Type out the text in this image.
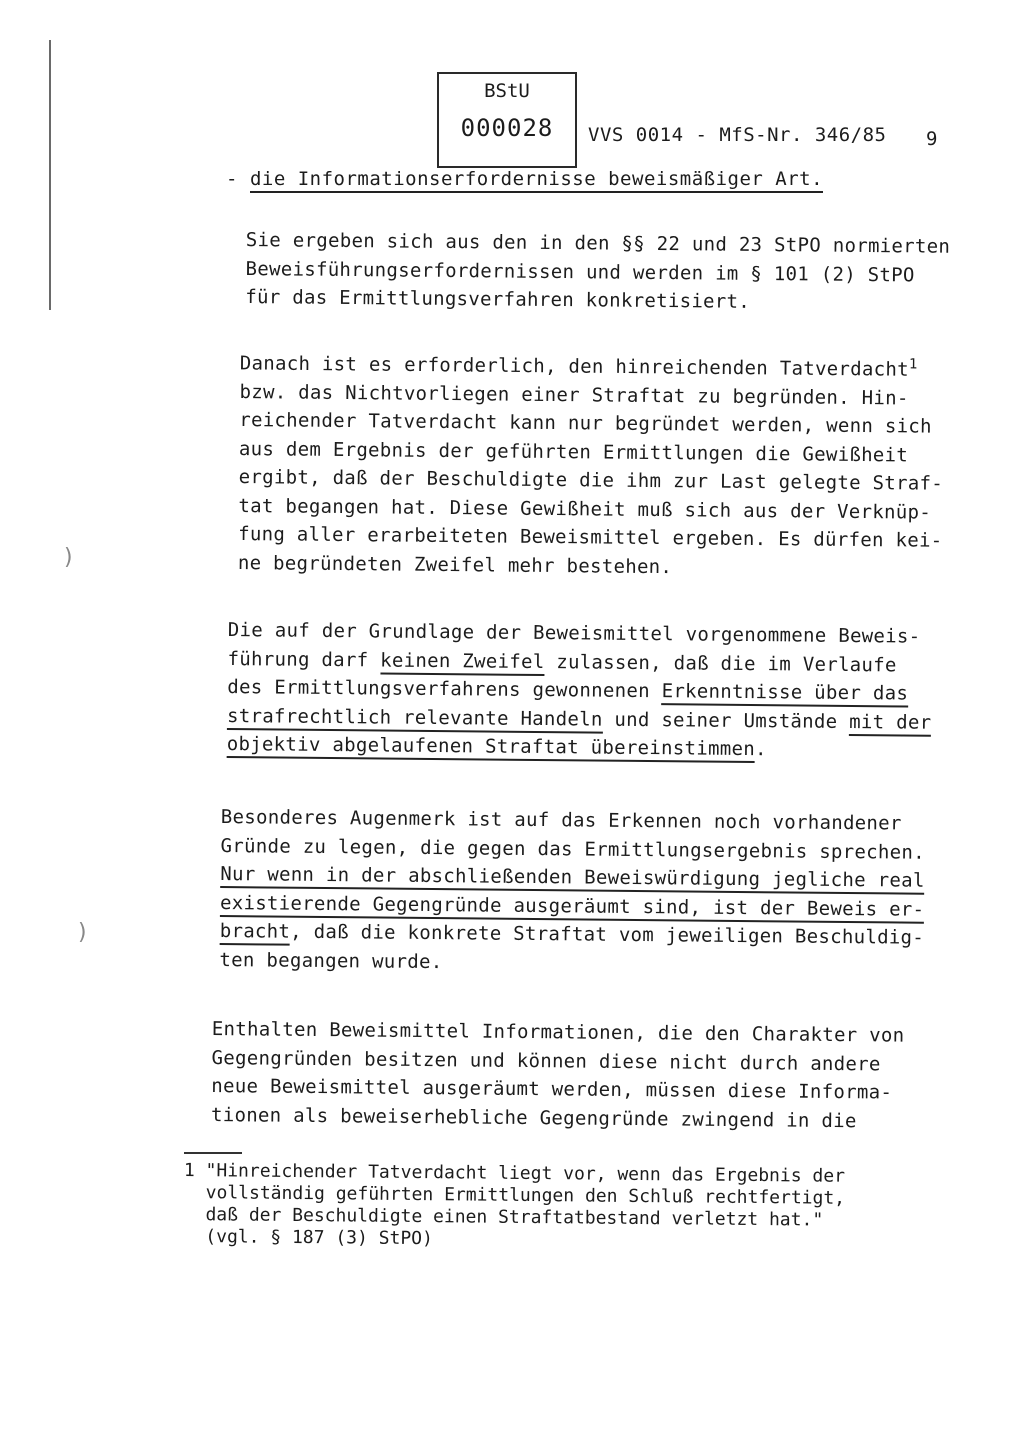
)
)
BStU
000028	VVS 0014 - MfS-Nr. 346/85 9
- die Informationserfordernisse beweismäßiger Art.
Sie ergeben sich aus den in den §§ 22 und 23 StPO normierten
Beweisführungserfordernissen und werden im § 101 (2) StPO
für das Ermittlungsverfahren konkretisiert.
Danach ist es erforderlich, den hinreichenden Tatverdacht$^1$
bzw. das Nichtvorliegen einer Straftat zu begründen. Hin-
reichender Tatverdacht kann nur begründet werden, wenn sich
aus dem Ergebnis der geführten Ermittlungen die Gewißheit
ergibt, daß der Beschuldigte die ihm zur Last gelegte Straf-
tat begangen hat. Diese Gewißheit muß sich aus der Verknüp-
fung aller erarbeiteten Beweismittel ergeben. Es dürfen kei-
ne begründeten Zweifel mehr bestehen.
Die auf der Grundlage der Beweismittel vorgenommene Beweis-
führung darf keinen Zweifel zulassen, daß die im Verlaufe
des Ermittlungsverfahrens gewonnenen Erkenntnisse über das
strafrechtlich relevante Handeln und seiner Umstände mit der
objektiv abgelaufenen Straftat übereinstimmen.
Besonderes Augenmerk ist auf das Erkennen noch vorhandener
Gründe zu legen, die gegen das Ermittlungsergebnis sprechen.
Nur wenn in der abschließenden Beweiswürdigung jegliche real
existierende Gegengründe ausgeräumt sind, ist der Beweis er-
bracht, daß die konkrete Straftat vom jeweiligen Beschuldig-
ten begangen wurde.
Enthalten Beweismittel Informationen, die den Charakter von
Gegengründen besitzen und können diese nicht durch andere
neue Beweismittel ausgeräumt werden, müssen diese Informa-
tionen als beweiserhebliche Gegengründe zwingend in die
1 "Hinreichender Tatverdacht liegt vor, wenn das Ergebnis der
vollständig geführten Ermittlungen den Schluß rechtfertigt,
daß der Beschuldigte einen Straftatbestand verletzt hat."
(vgl. § 187 (3) StPO)
